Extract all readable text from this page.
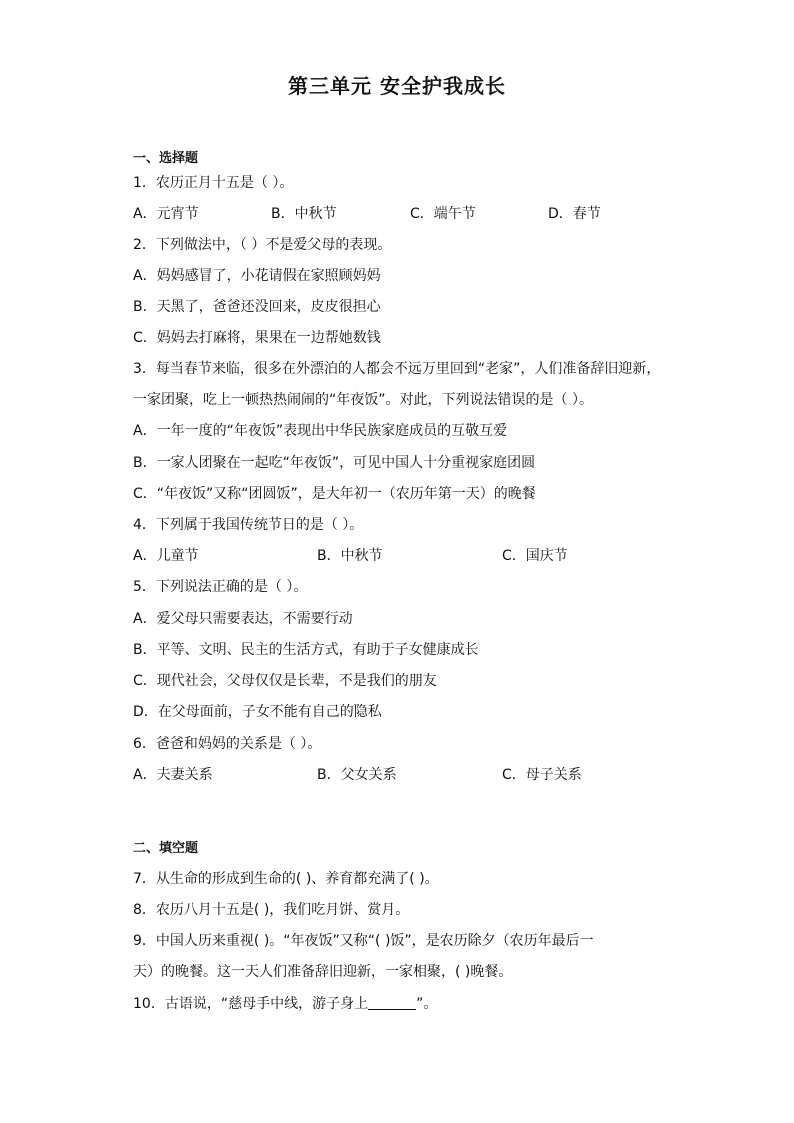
第三单元 安全护我成长
一、选择题
1．农历正月十五是（ ）。
A．元宵节	B．中秋节	C．端午节	D．春节
2．下列做法中，（ ）不是爱父母的表现。
A．妈妈感冒了，小花请假在家照顾妈妈
B．天黑了，爸爸还没回来，皮皮很担心
C．妈妈去打麻将，果果在一边帮她数钱
3．每当春节来临，很多在外漂泊的人都会不远万里回到“老家”，人们准备辞旧迎新，
一家团聚，吃上一顿热热闹闹的“年夜饭”。对此，下列说法错误的是（ ）。
A．一年一度的“年夜饭”表现出中华民族家庭成员的互敬互爱
B．一家人团聚在一起吃“年夜饭”，可见中国人十分重视家庭团圆
C．“年夜饭”又称“团圆饭”，是大年初一（农历年第一天）的晚餐
4．下列属于我国传统节日的是（ ）。
A．儿童节	B．中秋节	C．国庆节
5．下列说法正确的是（ ）。
A．爱父母只需要表达，不需要行动
B．平等、文明、民主的生活方式，有助于子女健康成长
C．现代社会，父母仅仅是长辈，不是我们的朋友
D．在父母面前，子女不能有自己的隐私
6．爸爸和妈妈的关系是（ ）。
A．夫妻关系	B．父女关系	C．母子关系
二、填空题
7．从生命的形成到生命的( )、养育都充满了( )。
8．农历八月十五是( )，我们吃月饼、赏月。
9．中国人历来重视( )。“年夜饭”又称“( )饭”，是农历除夕（农历年最后一
天）的晚餐。这一天人们准备辞旧迎新，一家相聚，( )晚餐。
10．古语说，“慈母手中线，游子身上	”。
